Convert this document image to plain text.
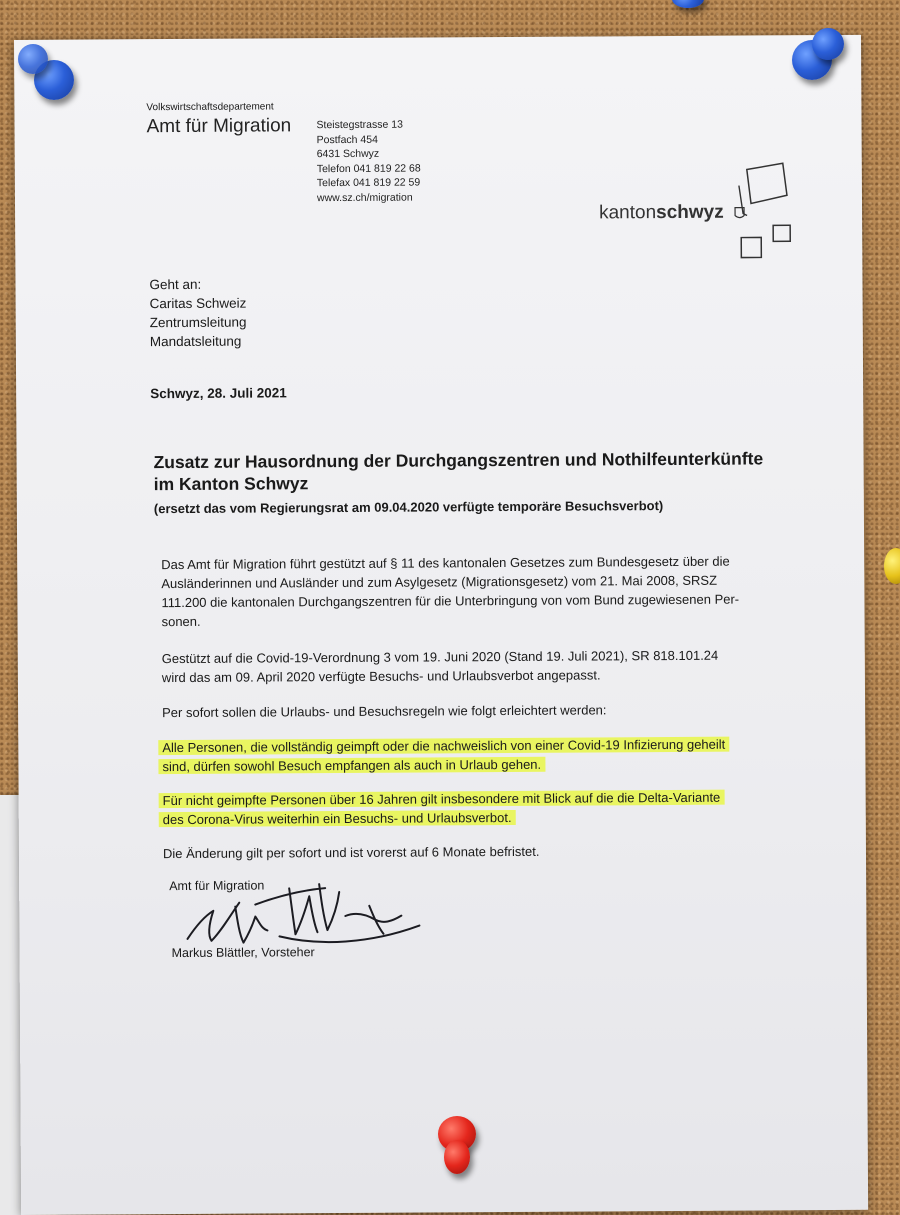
Volkswirtschaftsdepartement
Amt für Migration Steistegstrasse 13
Postfach 454
6431 Schwyz
Telefon 041 819 22 68
Telefax 041 819 22 59
www.sz.ch/migration
kantonschwyz
Geht an:
Caritas Schweiz
Zentrumsleitung
Mandatsleitung
Schwyz, 28. Juli 2021
Zusatz zur Hausordnung der Durchgangszentren und Nothilfeunterkünfte
im Kanton Schwyz
(ersetzt das vom Regierungsrat am 09.04.2020 verfügte temporäre Besuchsverbot)
Das Amt für Migration führt gestützt auf § 11 des kantonalen Gesetzes zum Bundesgesetz über die
Ausländerinnen und Ausländer und zum Asylgesetz (Migrationsgesetz) vom 21. Mai 2008, SRSZ
111.200 die kantonalen Durchgangszentren für die Unterbringung von vom Bund zugewiesenen Per-
sonen.
Gestützt auf die Covid-19-Verordnung 3 vom 19. Juni 2020 (Stand 19. Juli 2021), SR 818.101.24
wird das am 09. April 2020 verfügte Besuchs- und Urlaubsverbot angepasst.
Per sofort sollen die Urlaubs- und Besuchsregeln wie folgt erleichtert werden:
Alle Personen, die vollständig geimpft oder die nachweislich von einer Covid-19 Infizierung geheilt
sind, dürfen sowohl Besuch empfangen als auch in Urlaub gehen.
Für nicht geimpfte Personen über 16 Jahren gilt insbesondere mit Blick auf die die Delta-Variante
des Corona-Virus weiterhin ein Besuchs- und Urlaubsverbot.
Die Änderung gilt per sofort und ist vorerst auf 6 Monate befristet.
Amt für Migration
Markus Blättler, Vorsteher
